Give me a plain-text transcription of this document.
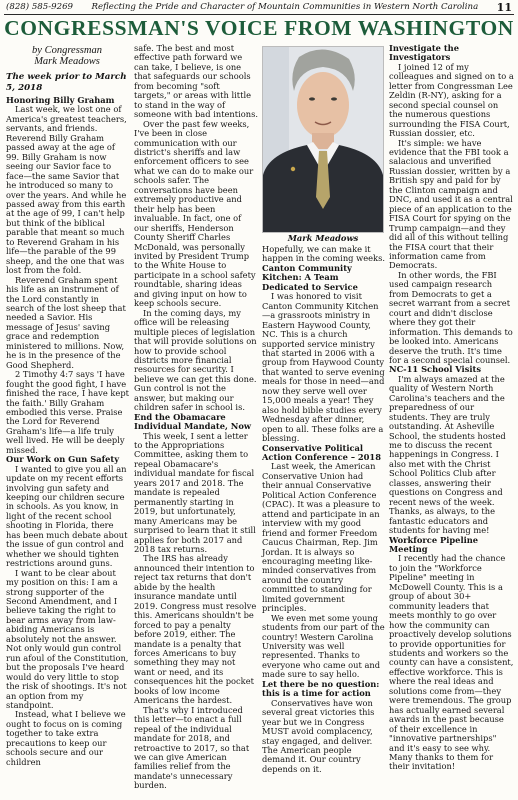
(828) 585-9269 Reflecting the Pride and Character of Mountain Communities in Western North Carolina 11
CONGRESSMAN'S VOICE FROM WASHINGTON
by Congressman
Mark Meadows
The week prior to March 5, 2018
Mark Meadows

Honoring Billy Graham

Last week, we lost one of America's greatest teachers, servants, and friends. Reverend Billy Graham passed away at the age of 99. Billy Graham is now seeing our Savior face to face—the same Savior that he introduced so many to over the years. And while he passed away from this earth at the age of 99, I can't help but think of the biblical parable that meant so much to Reverend Graham in his life—the parable of the 99 sheep, and the one that was lost from the fold.

Reverend Graham spent his life as an instrument of the Lord constantly in search of the lost sheep that needed a Savior. His message of Jesus' saving grace and redemption ministered to millions. Now, he is in the presence of the Good Shepherd.

2 Timothy 4:7 says 'I have fought the good fight, I have finished the race, I have kept the faith.' Billy Graham embodied this verse. Praise the Lord for Reverend Graham's life—a life truly well lived. He will be deeply missed.

Our Work on Gun Safety

I wanted to give you all an update on my recent efforts involving gun safety and keeping our children secure in schools. As you know, in light of the recent school shooting in Florida, there has been much debate about the issue of gun control and whether we should tighten restrictions around guns.

I want to be clear about my position on this: I am a strong supporter of the Second Amendment, and I believe taking the right to bear arms away from law-abiding Americans is absolutely not the answer. Not only would gun control run afoul of the Constitution, but the proposals I've heard would do very little to stop the risk of shootings. It's not an option from my standpoint.

Instead, what I believe we ought to focus on is coming together to take extra precautions to keep our schools secure and our children

safe. The best and most effective path forward we can take, I believe, is one that safeguards our schools from becoming "soft targets," or areas with little to stand in the way of someone with bad intentions.

Over the past few weeks, I've been in close communication with our district's sheriffs and law enforcement officers to see what we can do to make our schools safer. The conversations have been extremely productive and their help has been invaluable. In fact, one of our sheriffs, Henderson County Sheriff Charles McDonald, was personally invited by President Trump to the White House to participate in a school safety roundtable, sharing ideas and giving input on how to keep schools secure.

In the coming days, my office will be releasing multiple pieces of legislation that will provide solutions on how to provide school districts more financial resources for security. I believe we can get this done. Gun control is not the answer, but making our children safer in school is.

End the Obamacare Individual Mandate, Now

This week, I sent a letter to the Appropriations Committee, asking them to repeal Obamacare's individual mandate for fiscal years 2017 and 2018. The mandate is repealed permanently starting in 2019, but unfortunately, many Americans may be surprised to learn that it still applies for both 2017 and 2018 tax returns.

The IRS has already announced their intention to reject tax returns that don't abide by the health insurance mandate until 2019. Congress must resolve this. Americans shouldn't be forced to pay a penalty before 2019, either. The mandate is a penalty that forces Americans to buy something they may not want or need, and its consequences hit the pocket books of low income Americans the hardest.

That's why I introduced this letter—to enact a full repeal of the individual mandate for 2018, and retroactive to 2017, so that we can give American families relief from the mandate's unnecessary burden.

Hopefully, we can make it happen in the coming weeks.

Canton Community Kitchen: A Team Dedicated to Service

I was honored to visit Canton Community Kitchen—a grassroots ministry in Eastern Haywood County, NC. This is a church supported service ministry that started in 2006 with a group from Haywood County that wanted to serve evening meals for those in need—and now they serve well over 15,000 meals a year! They also hold bible studies every Wednesday after dinner, open to all. These folks are a blessing.

Conservative Political Action Conference – 2018

Last week, the American Conservative Union had their annual Conservative Political Action Conference (CPAC). It was a pleasure to attend and participate in an interview with my good friend and former Freedom Caucus Chairman, Rep. Jim Jordan. It is always so encouraging meeting like-minded conservatives from around the country committed to standing for limited government principles.

We even met some young students from our part of the country! Western Carolina University was well represented. Thanks to everyone who came out and made sure to say hello.

Let there be no question: this is a time for action

Conservatives have won several great victories this year but we in Congress MUST avoid complacency, stay engaged, and deliver. The American people demand it. Our country depends on it.

Investigate the Investigators

I joined 12 of my colleagues and signed on to a letter from Congressman Lee Zeldin (R-NY), asking for a second special counsel on the numerous questions surrounding the FISA Court, Russian dossier, etc.

It's simple: we have evidence that the FBI took a salacious and unverified Russian dossier, written by a British spy and paid for by the Clinton campaign and DNC, and used it as a central piece of an application to the FISA Court for spying on the Trump campaign—and they did all of this without telling the FISA court that their information came from Democrats.

In other words, the FBI used campaign research from Democrats to get a secret warrant from a secret court and didn't disclose where they got their information. This demands to be looked into. Americans deserve the truth. It's time for a second special counsel.

NC-11 School Visits

I'm always amazed at the quality of Western North Carolina's teachers and the preparedness of our students. They are truly outstanding. At Asheville School, the students hosted me to discuss the recent happenings in Congress. I also met with the Christ School Politics Club after classes, answering their questions on Congress and recent news of the week. Thanks, as always, to the fantastic educators and students for having me!

Workforce Pipeline Meeting

I recently had the chance to join the "Workforce Pipeline" meeting in McDowell County. This is a group of about 30+ community leaders that meets monthly to go over how the community can proactively develop solutions to provide opportunities for students and workers so the county can have a consistent, effective workforce. This is where the real ideas and solutions come from—they were tremendous. The group has actually earned several awards in the past because of their excellence in "innovative partnerships" and it's easy to see why. Many thanks to them for their invitation!
